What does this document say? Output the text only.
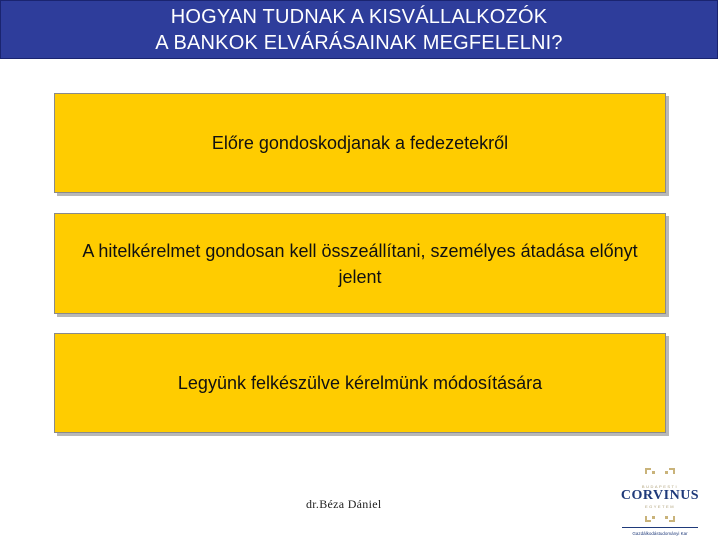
HOGYAN TUDNAK A KISVÁLLALKOZÓK
A BANKOK ELVÁRÁSAINAK MEGFELELNI?
Előre gondoskodjanak a fedezetekről
A hitelkérelmet gondosan kell összeállítani, személyes átadása előnyt jelent
Legyünk felkészülve kérelmünk módosítására
dr.Béza Dániel
BUDAPESTI
CORVINUS
EGYETEM
Gazdálkodástudományi Kar
